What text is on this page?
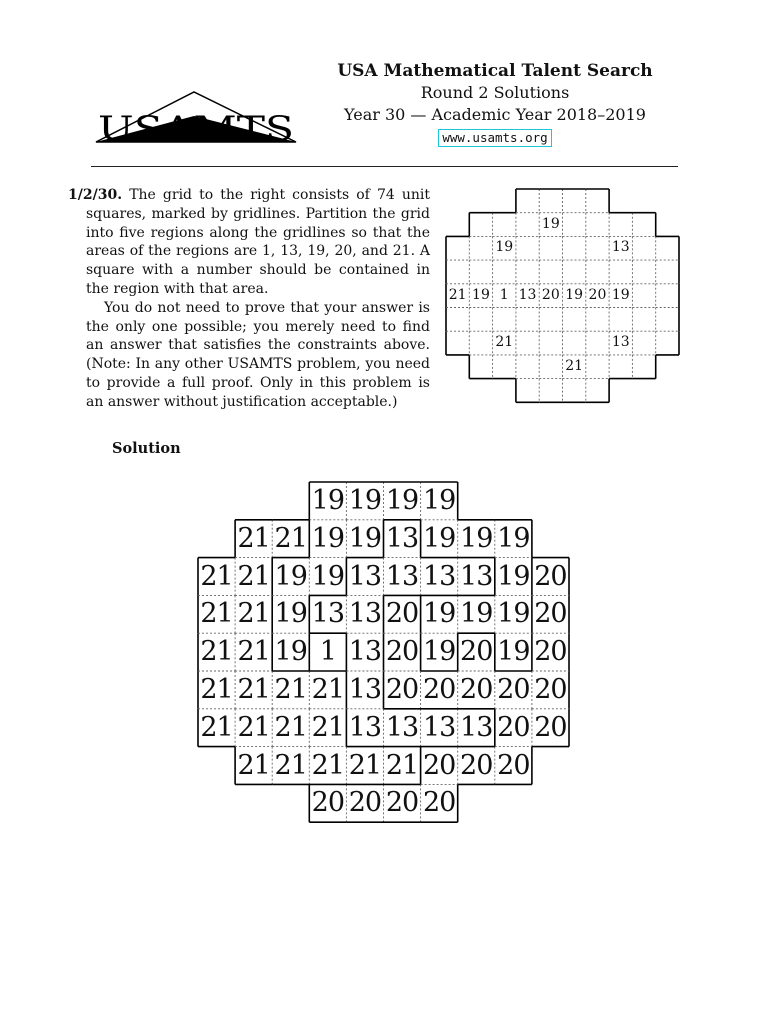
USAMTS
USA Mathematical Talent Search
Round 2 Solutions
Year 30 — Academic Year 2018–2019
www.usamts.org

1/2/30. The grid to the right consists of 74 unit squares, marked by gridlines. Partition the grid into five regions along the gridlines so that the areas of the regions are 1, 13, 19, 20, and 21. A square with a number should be contained in the region with that area.

You do not need to prove that your answer is the only one possible; you merely need to find an answer that satisfies the constraints above. (Note: In any other USAMTS problem, you need to provide a full proof. Only in this problem is an answer without justification acceptable.)

19
19	13
21 19 1 13 20 19 20 19
21	13
21
Solution
19 19 19 19
21 21 19 19 13 19 19 19
21 21 19 19 13 13 13 13 19 20
21 21 19 13 13 20 19 19 19 20
21 21 19 1 13 20 19 20 19 20
21 21 21 21 13 20 20 20 20 20
21 21 21 21 13 13 13 13 20 20
21 21 21 21 21 20 20 20
20 20 20 20
